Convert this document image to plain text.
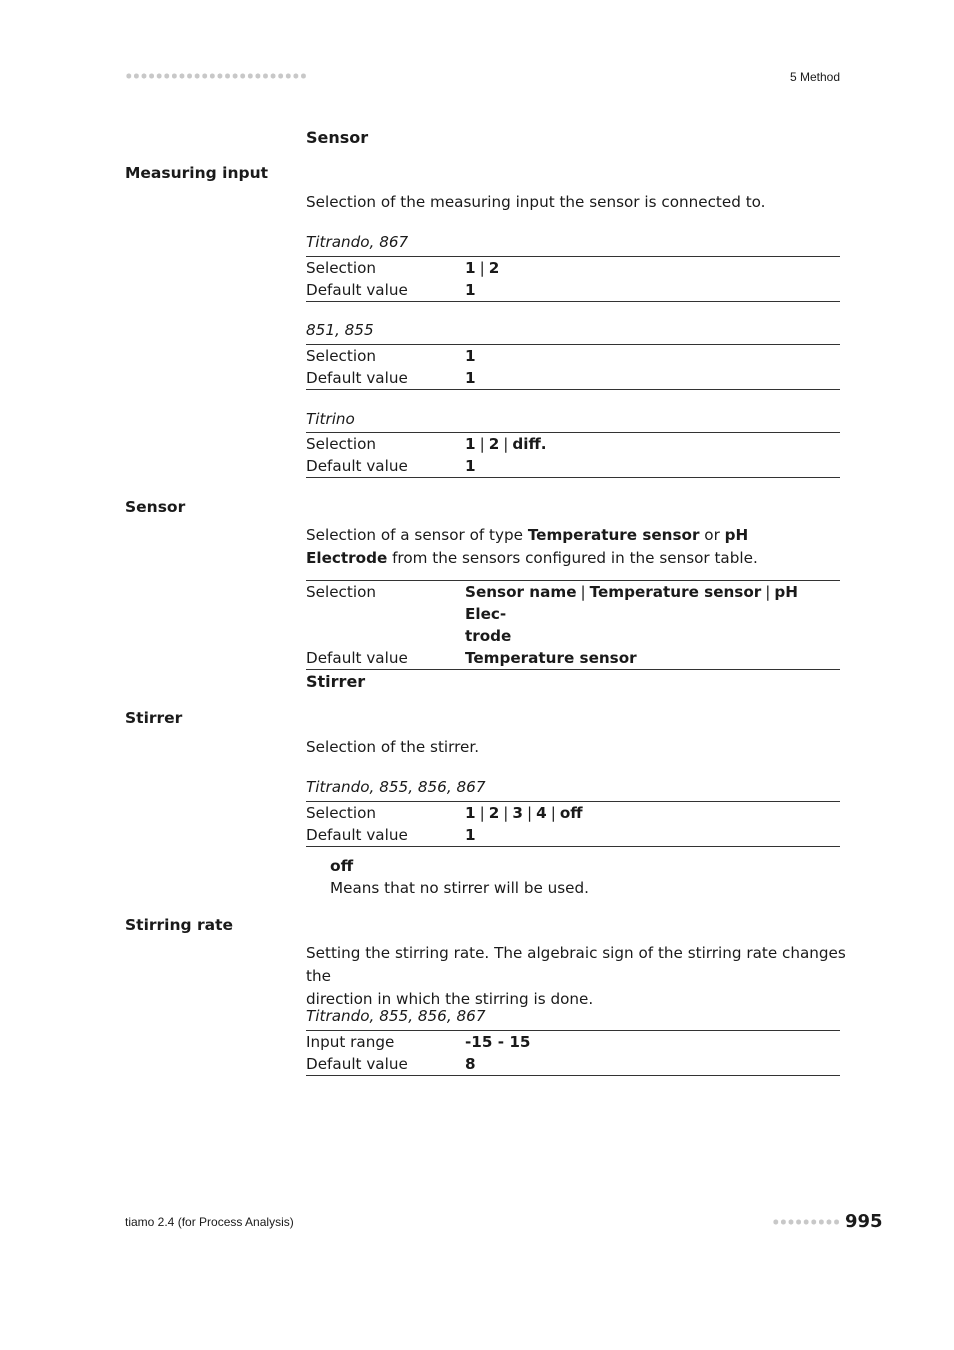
5 Method
Sensor
Measuring input
Selection of the measuring input the sensor is connected to.
Titrando, 867
Selection	1 | 2
Default value	1
851, 855
Selection	1
Default value	1
Titrino
Selection	1 | 2 | diff.
Default value	1
Sensor
Selection of a sensor of type Temperature sensor or pH Electrode from the sensors configured in the sensor table.
Selection	Sensor name | Temperature sensor | pH Elec-
trode
Default value	Temperature sensor
Stirrer
Stirrer
Selection of the stirrer.
Titrando, 855, 856, 867
Selection	1 | 2 | 3 | 4 | off
Default value	1
off
Means that no stirrer will be used.
Stirring rate
Setting the stirring rate. The algebraic sign of the stirring rate changes the
direction in which the stirring is done.
Titrando, 855, 856, 867
Input range	-15 - 15
Default value	8
tiamo 2.4 (for Process Analysis)	995
